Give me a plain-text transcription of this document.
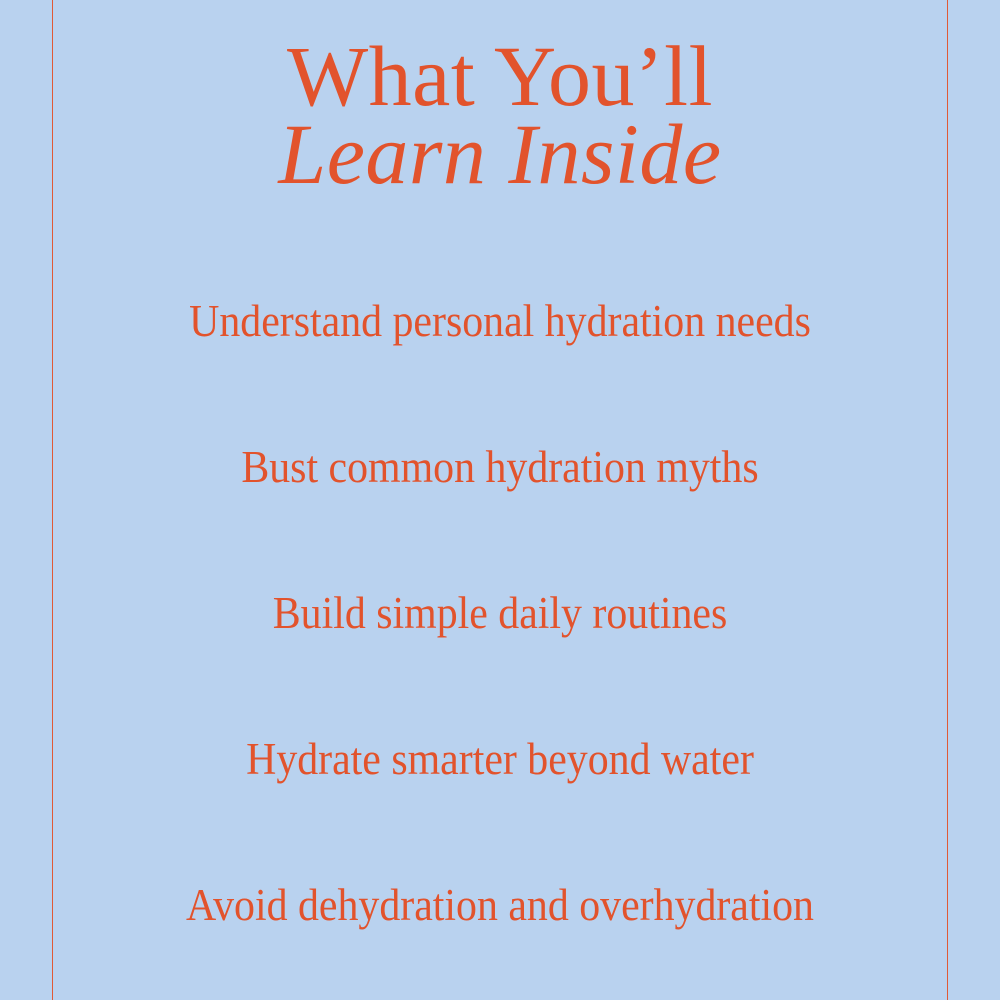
What You’ll
Learn Inside
Understand personal hydration needs
Bust common hydration myths
Build simple daily routines
Hydrate smarter beyond water
Avoid dehydration and overhydration
